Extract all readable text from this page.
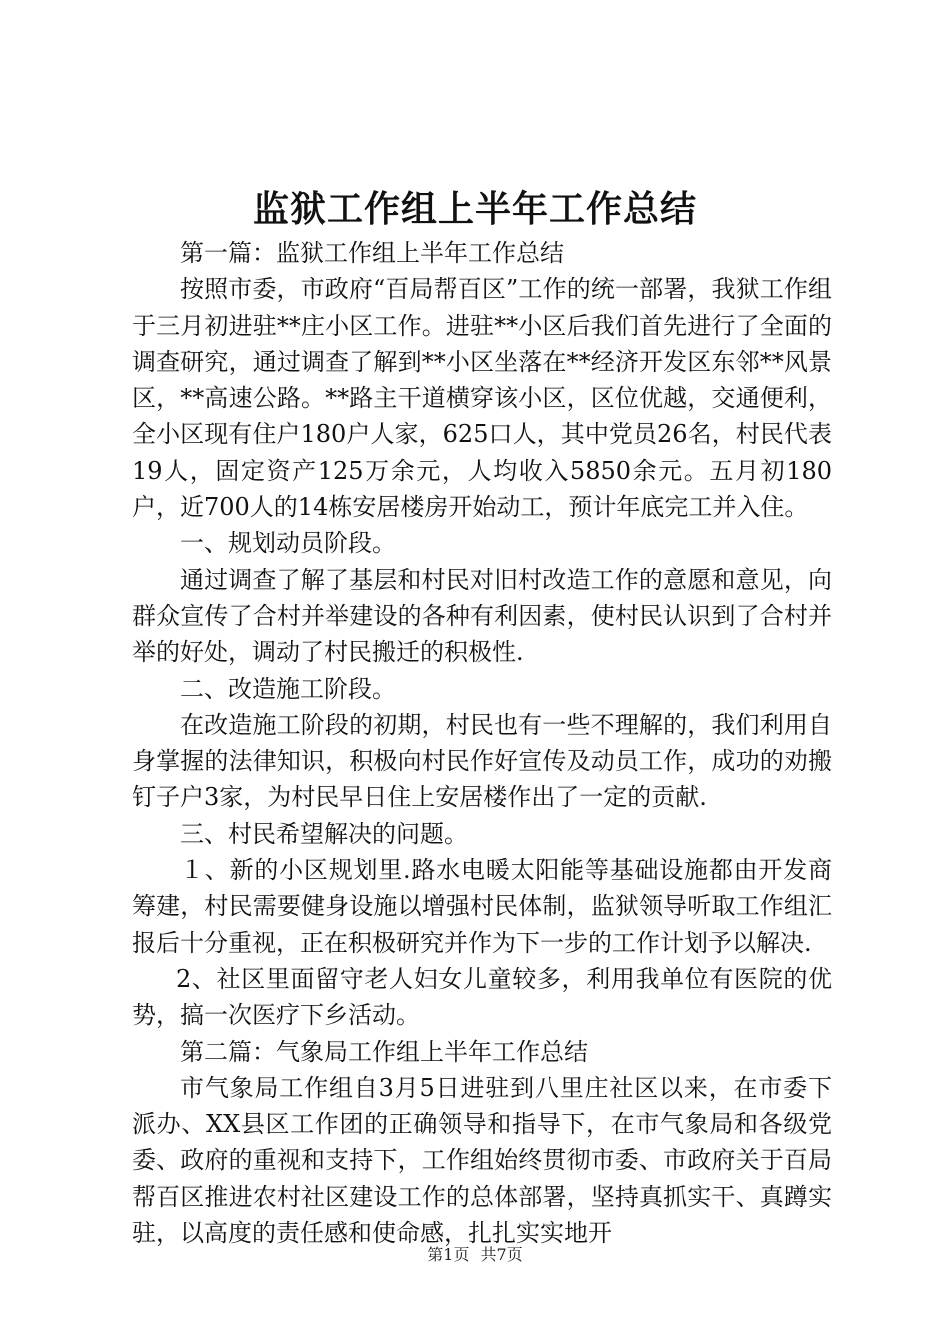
监狱工作组上半年工作总结

第一篇：监狱工作组上半年工作总结

按照市委，市政府“百局帮百区”工作的统一部署，我狱工作组于三月初进驻**庄小区工作。进驻**小区后我们首先进行了全面的调查研究，通过调查了解到**小区坐落在**经济开发区东邻**风景区，**高速公路。**路主干道横穿该小区，区位优越，交通便利，全小区现有住户180户人家，625口人，其中党员26名，村民代表19人，固定资产125万余元，人均收入5850余元。五月初180户，近700人的14栋安居楼房开始动工，预计年底完工并入住。

一、规划动员阶段。

通过调查了解了基层和村民对旧村改造工作的意愿和意见，向群众宣传了合村并举建设的各种有利因素，使村民认识到了合村并举的好处，调动了村民搬迁的积极性.

二、改造施工阶段。

在改造施工阶段的初期，村民也有一些不理解的，我们利用自身掌握的法律知识，积极向村民作好宣传及动员工作，成功的劝搬钉子户3家，为村民早日住上安居楼作出了一定的贡献.

三、村民希望解决的问题。

１、新的小区规划里.路水电暖太阳能等基础设施都由开发商筹建，村民需要健身设施以增强村民体制，监狱领导听取工作组汇报后十分重视，正在积极研究并作为下一步的工作计划予以解决.

2、社区里面留守老人妇女儿童较多，利用我单位有医院的优势，搞一次医疗下乡活动。

第二篇：气象局工作组上半年工作总结

市气象局工作组自3月5日进驻到八里庄社区以来，在市委下派办、XX县区工作团的正确领导和指导下，在市气象局和各级党委、政府的重视和支持下，工作组始终贯彻市委、市政府关于百局帮百区推进农村社区建设工作的总体部署，坚持真抓实干、真蹲实驻，以高度的责任感和使命感，扎扎实实地开

第1页 共7页
